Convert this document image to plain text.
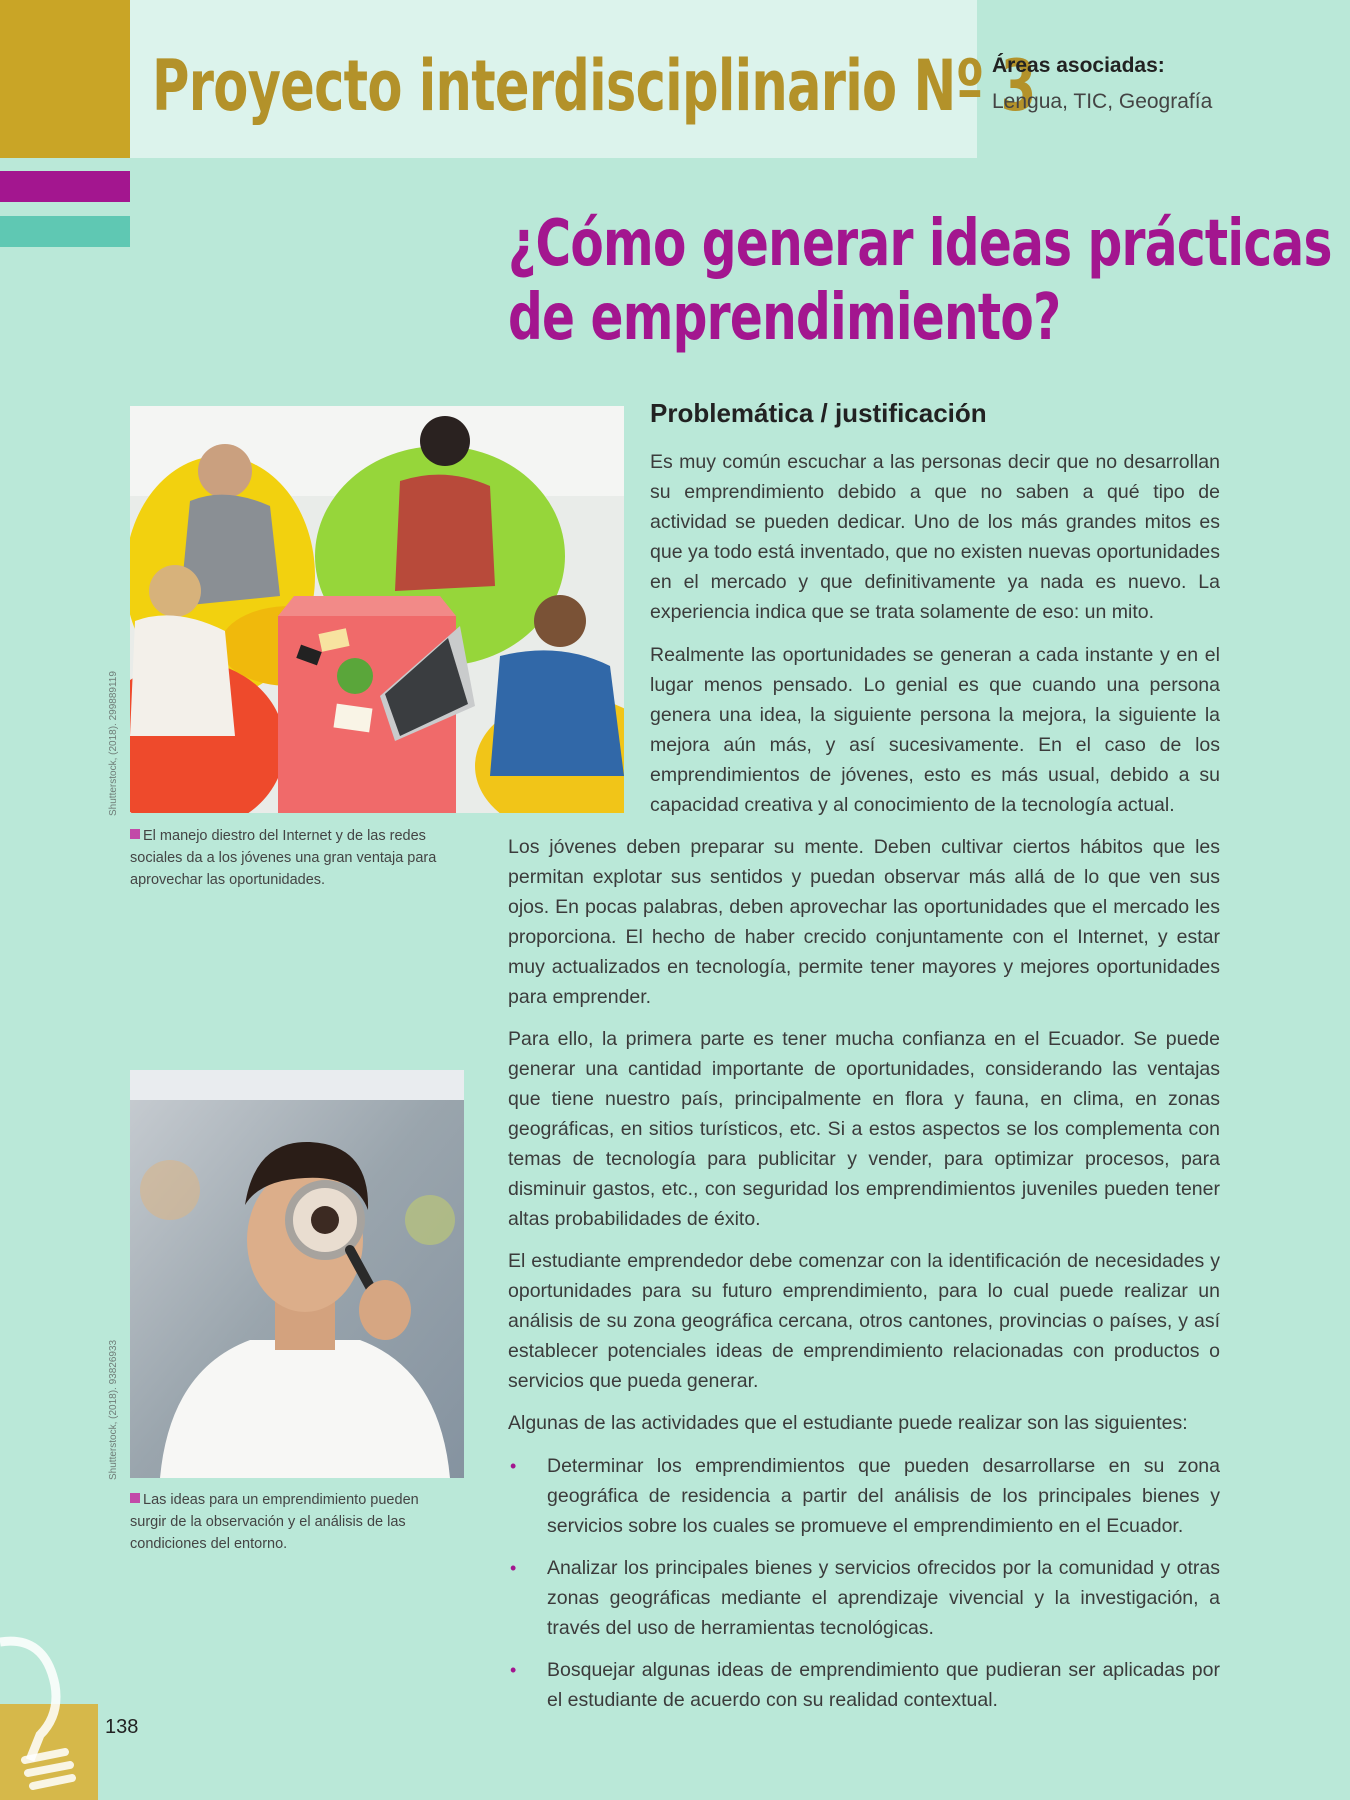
Proyecto interdisciplinario Nº 3
Áreas asociadas:
Lengua, TIC, Geografía
¿Cómo generar ideas prácticas
de emprendimiento?
Shutterstock, (2018). 299889119
El manejo diestro del Internet y de las redes sociales da a los jóvenes una gran ventaja para aprovechar las oportunidades.
Shutterstock, (2018). 93826933
Las ideas para un emprendimiento pueden surgir de la observación y el análisis de las condiciones del entorno.
Problemática / justificación

Es muy común escuchar a las personas decir que no desarrollan su emprendimiento debido a que no saben a qué tipo de actividad se pueden dedicar. Uno de los más grandes mitos es que ya todo está inventado, que no existen nuevas oportunidades en el mercado y que definitivamente ya nada es nuevo. La experiencia indica que se trata solamente de eso: un mito.

Realmente las oportunidades se generan a cada instante y en el lugar menos pensado. Lo genial es que cuando una persona genera una idea, la siguiente persona la mejora, la siguiente la mejora aún más, y así sucesivamente. En el caso de los emprendimientos de jóvenes, esto es más usual, debido a su capacidad creativa y al conocimiento de la tecnología actual.

Los jóvenes deben preparar su mente. Deben cultivar ciertos hábitos que les permitan explotar sus sentidos y puedan observar más allá de lo que ven sus ojos. En pocas palabras, deben aprovechar las oportunidades que el mercado les proporciona. El hecho de haber crecido conjuntamente con el Internet, y estar muy actualizados en tecnología, permite tener mayores y mejores oportunidades para emprender.

Para ello, la primera parte es tener mucha confianza en el Ecuador. Se puede generar una cantidad importante de oportunidades, considerando las ventajas que tiene nuestro país, principalmente en flora y fauna, en clima, en zonas geográficas, en sitios turísticos, etc. Si a estos aspectos se los complementa con temas de tecnología para publicitar y vender, para optimizar procesos, para disminuir gastos, etc., con seguridad los emprendimientos juveniles pueden tener altas probabilidades de éxito.

El estudiante emprendedor debe comenzar con la identificación de necesidades y oportunidades para su futuro emprendimiento, para lo cual puede realizar un análisis de su zona geográfica cercana, otros cantones, provincias o países, y así establecer potenciales ideas de emprendimiento relacionadas con productos o servicios que pueda generar.

Algunas de las actividades que el estudiante puede realizar son las siguientes:

• Determinar los emprendimientos que pueden desarrollarse en su zona geográfica de residencia a partir del análisis de los principales bienes y servicios sobre los cuales se promueve el emprendimiento en el Ecuador.
• Analizar los principales bienes y servicios ofrecidos por la comunidad y otras zonas geográficas mediante el aprendizaje vivencial y la investigación, a través del uso de herramientas tecnológicas.
• Bosquejar algunas ideas de emprendimiento que pudieran ser aplicadas por el estudiante de acuerdo con su realidad contextual.
138
